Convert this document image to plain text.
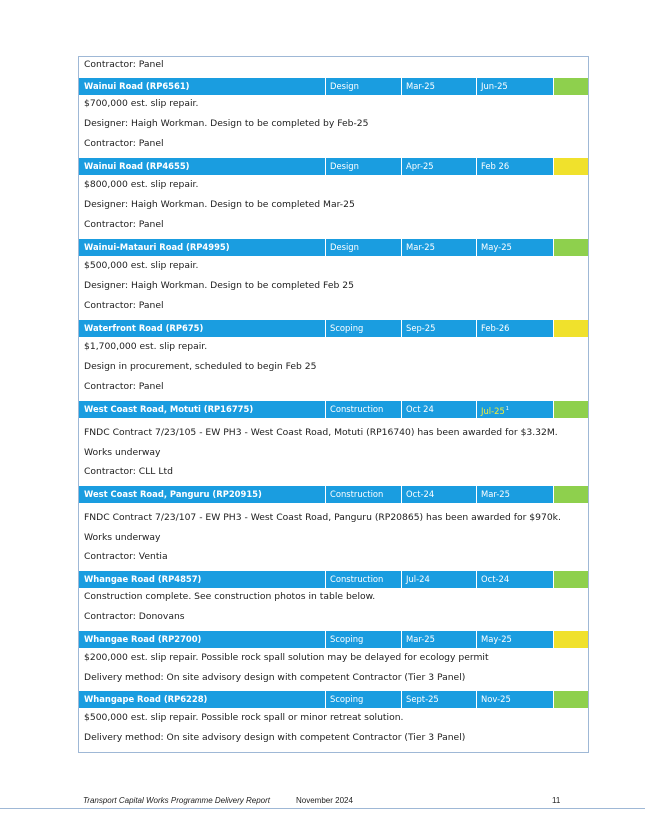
Contractor: Panel
Wainui Road (RP6561)	Design	Mar-25	Jun-25
$700,000 est. slip repair.
Designer: Haigh Workman. Design to be completed by Feb-25
Contractor: Panel
Wainui Road (RP4655)	Design	Apr-25	Feb 26
$800,000 est. slip repair.
Designer: Haigh Workman. Design to be completed Mar-25
Contractor: Panel
Wainui-Matauri Road (RP4995)	Design	Mar-25	May-25
$500,000 est. slip repair.
Designer: Haigh Workman. Design to be completed Feb 25
Contractor: Panel
Waterfront Road (RP675)	Scoping	Sep-25	Feb-26
$1,700,000 est. slip repair.
Design in procurement, scheduled to begin Feb 25
Contractor: Panel
West Coast Road, Motuti (RP16775)	Construction	Oct 24	Jul-$25^1$
FNDC Contract 7/23/105 - EW PH3 - West Coast Road, Motuti (RP16740) has been awarded for $3.32M.
Works underway
Contractor: CLL Ltd
West Coast Road, Panguru (RP20915)	Construction	Oct-24	Mar-25
FNDC Contract 7/23/107 - EW PH3 - West Coast Road, Panguru (RP20865) has been awarded for $970k.
Works underway
Contractor: Ventia
Whangae Road (RP4857)	Construction	Jul-24	Oct-24
Construction complete. See construction photos in table below.
Contractor: Donovans
Whangae Road (RP2700)	Scoping	Mar-25	May-25
$200,000 est. slip repair. Possible rock spall solution may be delayed for ecology permit
Delivery method: On site advisory design with competent Contractor (Tier 3 Panel)
Whangape Road (RP6228)	Scoping	Sept-25	Nov-25
$500,000 est. slip repair. Possible rock spall or minor retreat solution.
Delivery method: On site advisory design with competent Contractor (Tier 3 Panel)
Transport Capital Works Programme Delivery Report	November 2024	11
